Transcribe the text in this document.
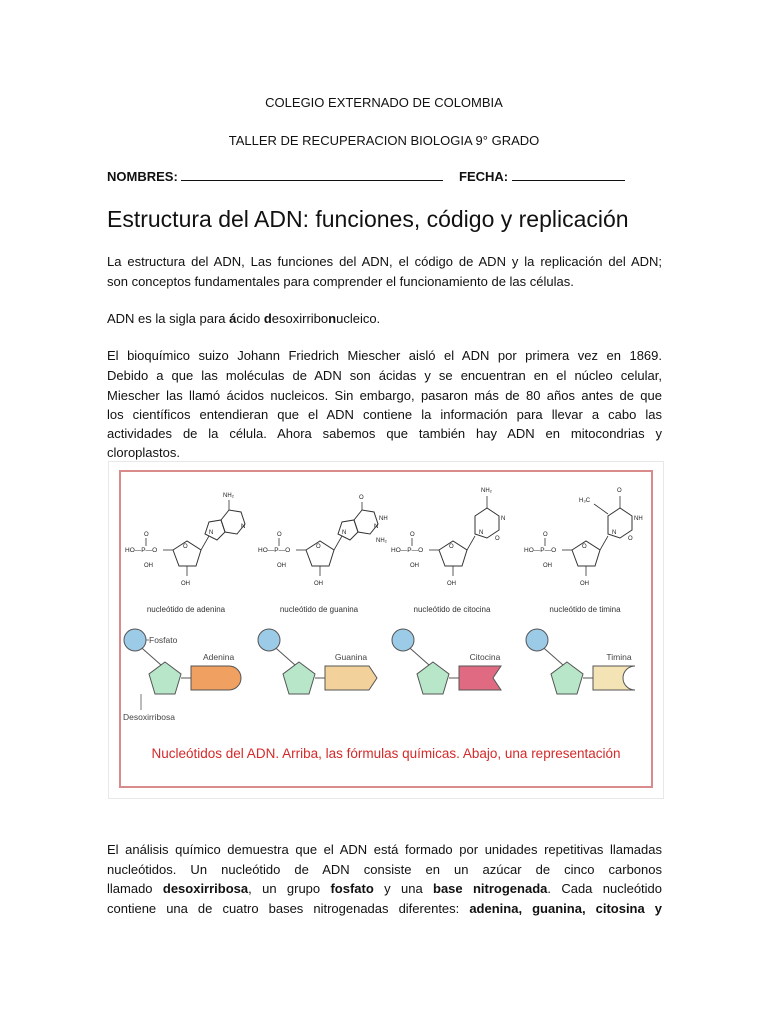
COLEGIO EXTERNADO DE COLOMBIA
TALLER DE RECUPERACION BIOLOGIA 9° GRADO
NOMBRES:	FECHA:
Estructura del ADN: funciones, código y replicación
La estructura del ADN, Las funciones del ADN, el código de ADN y la replicación del ADN;
son conceptos fundamentales para comprender el funcionamiento de las células.
ADN es la sigla para ácido desoxirribonucleico.
El bioquímico suizo Johann Friedrich Miescher aisló el ADN por primera vez en 1869.
Debido a que las moléculas de ADN son ácidas y se encuentran en el núcleo celular,
Miescher las llamó ácidos nucleicos. Sin embargo, pasaron más de 80 años antes de que
los científicos entendieran que el ADN contiene la información para llevar a cabo las
actividades de la célula. Ahora sabemos que también hay ADN en mitocondrias y
cloroplastos.
HO—P—O
OH
O
O
OH
N
N
NH₂
nucleótido de adenina
HO—P—O
OH
O
O
OH
N
N
O
NH
NH₂
nucleótido de guanina
HO—P—O
OH
O
O
OH
N
O
NH₂
N
nucleótido de citocina
HO—P—O
OH
O
O
OH
N
O
H₃C
O
NH
nucleótido de timina
Adenina
Fosfato
Desoxirribosa
Guanina	Citocina	Timina
Nucleótidos del ADN. Arriba, las fórmulas químicas. Abajo, una representación
El análisis químico demuestra que el ADN está formado por unidades repetitivas llamadas
nucleótidos. Un nucleótido de ADN consiste en un azúcar de cinco carbonos
llamado desoxirribosa, un grupo fosfato y una base nitrogenada. Cada nucleótido
contiene una de cuatro bases nitrogenadas diferentes: adenina, guanina, citosina y
